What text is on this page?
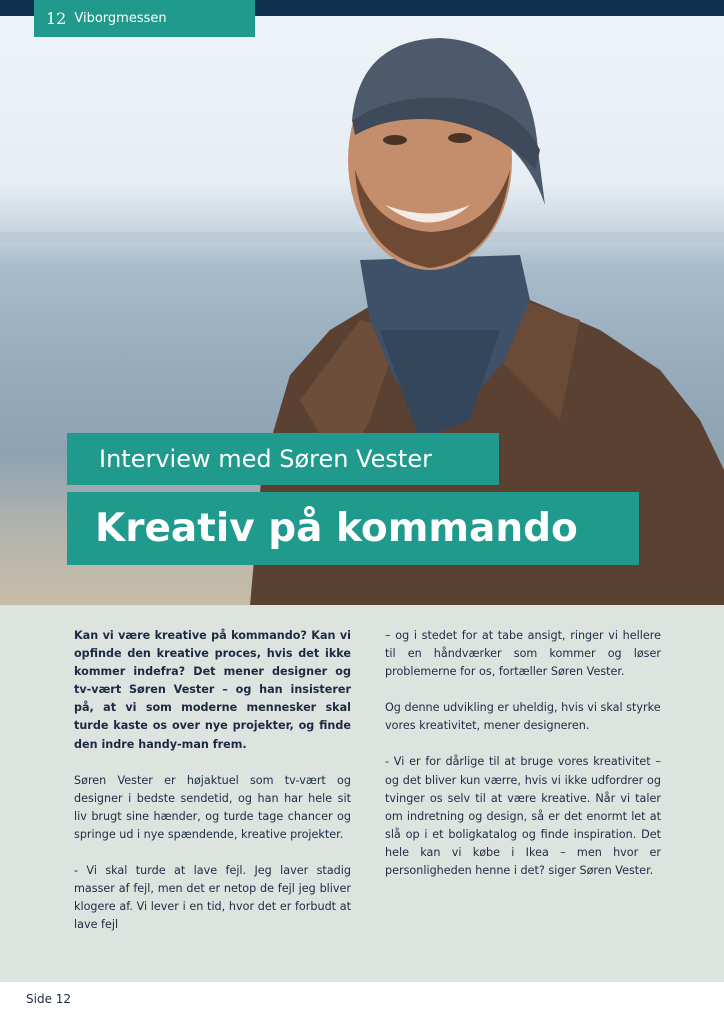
12 Viborgmessen
Interview med Søren Vester
Kreativ på kommando

Kan vi være kreative på kommando? Kan vi opfinde den kreative proces, hvis det ikke kommer indefra? Det mener designer og tv-vært Søren Vester – og han insisterer på, at vi som moderne mennesker skal turde kaste os over nye projekter, og finde den indre handy-man frem.

Søren Vester er højaktuel som tv-vært og designer i bedste sendetid, og han har hele sit liv brugt sine hænder, og turde tage chancer og springe ud i nye spændende, kreative projekter.

- Vi skal turde at lave fejl. Jeg laver stadig masser af fejl, men det er netop de fejl jeg bliver klogere af. Vi lever i en tid, hvor det er forbudt at lave fejl

– og i stedet for at tabe ansigt, ringer vi hellere til en håndværker som kommer og løser problemerne for os, fortæller Søren Vester.

Og denne udvikling er uheldig, hvis vi skal styrke vores kreativitet, mener designeren.

- Vi er for dårlige til at bruge vores kreativitet – og det bliver kun værre, hvis vi ikke udfordrer og tvinger os selv til at være kreative. Når vi taler om indretning og design, så er det enormt let at slå op i et boligkatalog og finde inspiration. Det hele kan vi købe i Ikea – men hvor er personligheden henne i det? siger Søren Vester.

Side 12
